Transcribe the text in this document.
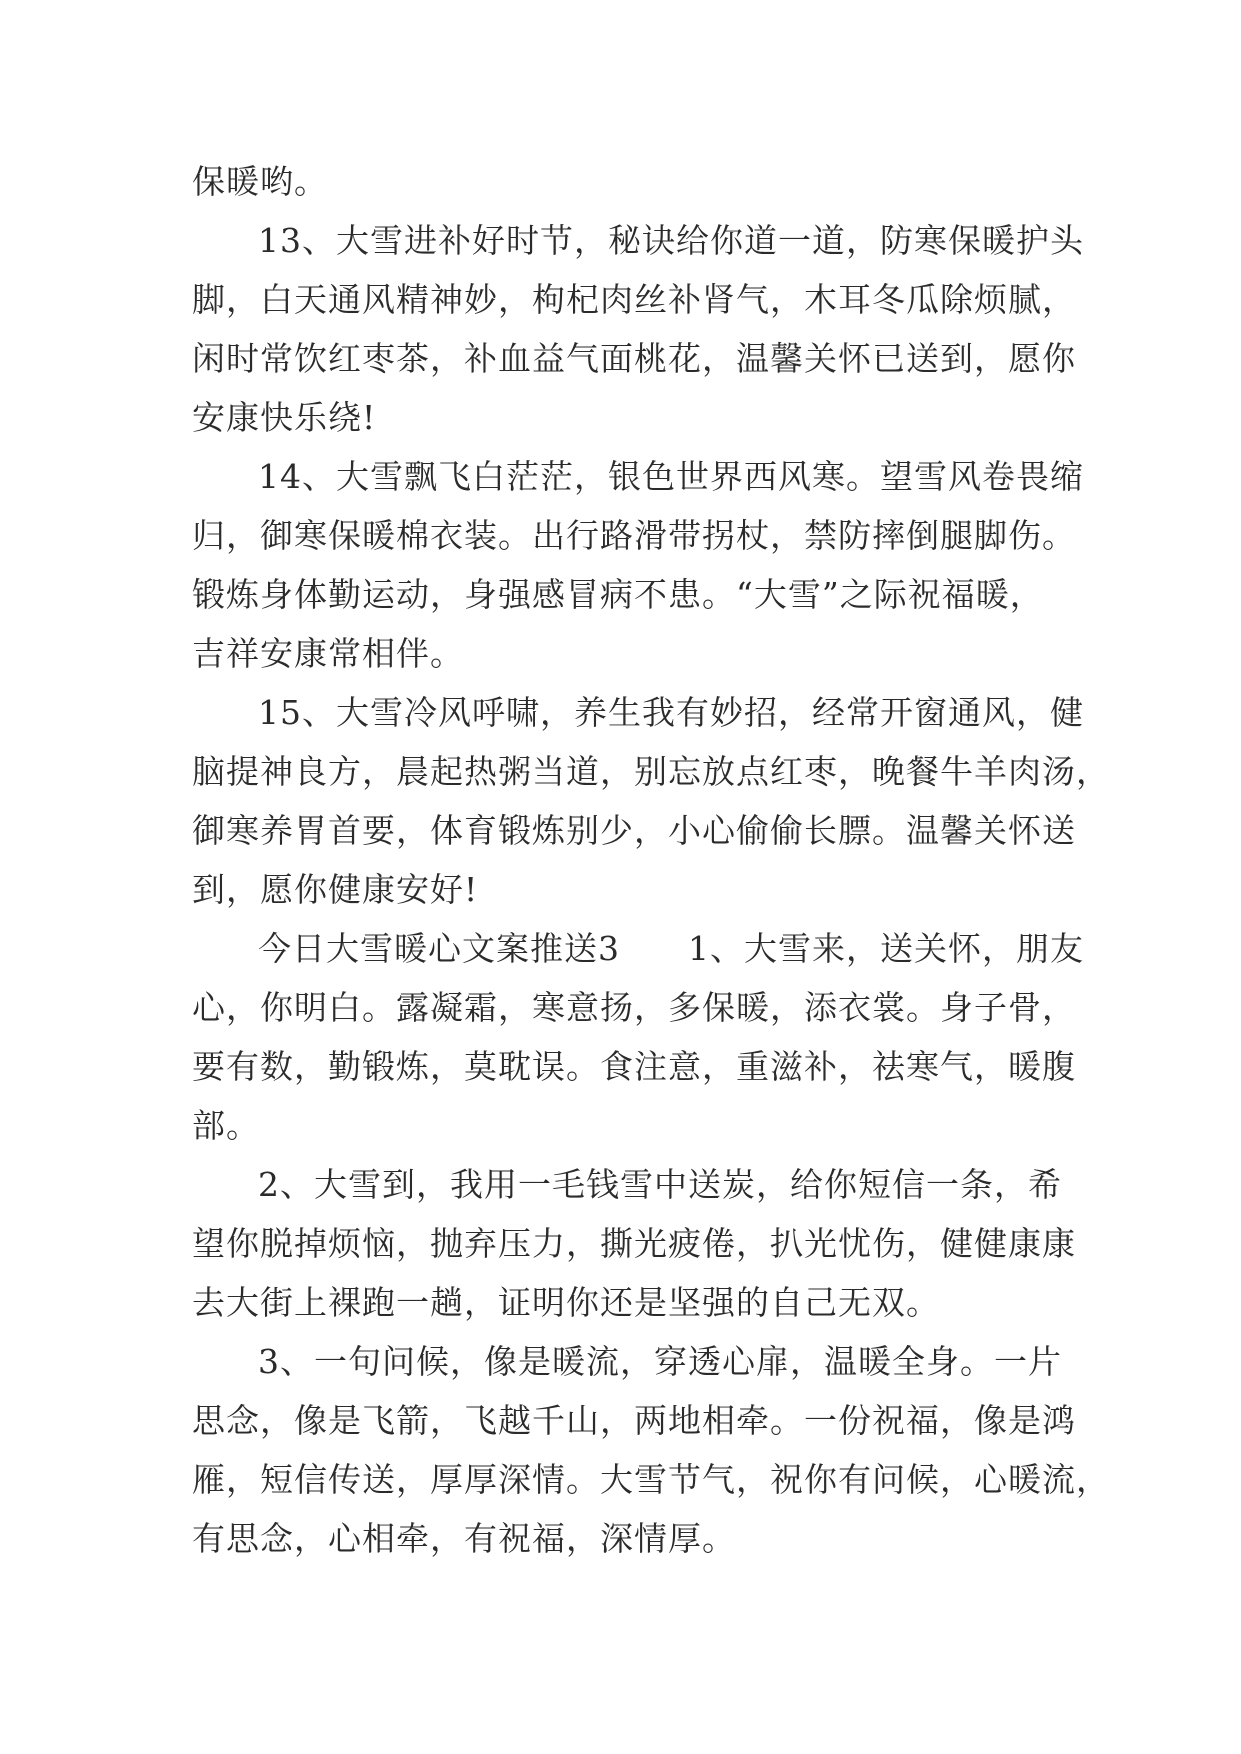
保暖哟。
13、大雪进补好时节，秘诀给你道一道，防寒保暖护头
脚，白天通风精神妙，枸杞肉丝补肾气，木耳冬瓜除烦腻，
闲时常饮红枣茶，补血益气面桃花，温馨关怀已送到，愿你
安康快乐绕!
14、大雪飘飞白茫茫，银色世界西风寒。望雪风卷畏缩
归，御寒保暖棉衣装。出行路滑带拐杖，禁防摔倒腿脚伤。
锻炼身体勤运动，身强感冒病不患。“大雪”之际祝福暖，
吉祥安康常相伴。
15、大雪冷风呼啸，养生我有妙招，经常开窗通风，健
脑提神良方，晨起热粥当道，别忘放点红枣，晚餐牛羊肉汤，
御寒养胃首要，体育锻炼别少，小心偷偷长膘。温馨关怀送
到，愿你健康安好!
今日大雪暖心文案推送3　　1、大雪来，送关怀，朋友
心，你明白。露凝霜，寒意扬，多保暖，添衣裳。身子骨，
要有数，勤锻炼，莫耽误。食注意，重滋补，祛寒气，暖腹
部。
2、大雪到，我用一毛钱雪中送炭，给你短信一条，希
望你脱掉烦恼，抛弃压力，撕光疲倦，扒光忧伤，健健康康
去大街上裸跑一趟，证明你还是坚强的自己无双。
3、一句问候，像是暖流，穿透心扉，温暖全身。一片
思念，像是飞箭，飞越千山，两地相牵。一份祝福，像是鸿
雁，短信传送，厚厚深情。大雪节气，祝你有问候，心暖流，
有思念，心相牵，有祝福，深情厚。
